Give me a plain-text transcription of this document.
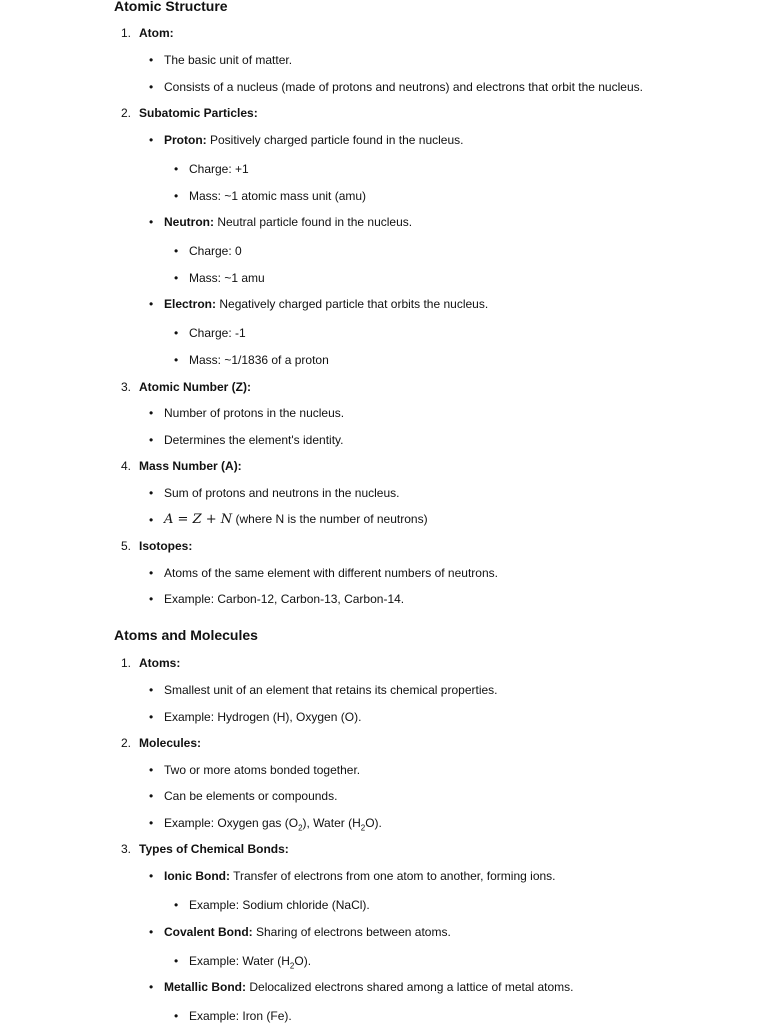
Atomic Structure
1. Atom:
• The basic unit of matter.
• Consists of a nucleus (made of protons and neutrons) and electrons that orbit the nucleus.
2. Subatomic Particles:
• Proton: Positively charged particle found in the nucleus.
• Charge: +1
• Mass: ~1 atomic mass unit (amu)
• Neutron: Neutral particle found in the nucleus.
• Charge: 0
• Mass: ~1 amu
• Electron: Negatively charged particle that orbits the nucleus.
• Charge: -1
• Mass: ~1/1836 of a proton
3. Atomic Number (Z):
• Number of protons in the nucleus.
• Determines the element's identity.
4. Mass Number (A):
• Sum of protons and neutrons in the nucleus.
• A = Z + N (where N is the number of neutrons)
5. Isotopes:
• Atoms of the same element with different numbers of neutrons.
• Example: Carbon-12, Carbon-13, Carbon-14.
Atoms and Molecules
1. Atoms:
• Smallest unit of an element that retains its chemical properties.
• Example: Hydrogen (H), Oxygen (O).
2. Molecules:
• Two or more atoms bonded together.
• Can be elements or compounds.
• Example: Oxygen gas $(O_2)$, Water $(H_2O)$.
3. Types of Chemical Bonds:
• Ionic Bond: Transfer of electrons from one atom to another, forming ions.
• Example: Sodium chloride (NaCl).
• Covalent Bond: Sharing of electrons between atoms.
• Example: Water $(H_2O)$.
• Metallic Bond: Delocalized electrons shared among a lattice of metal atoms.
• Example: Iron (Fe).
